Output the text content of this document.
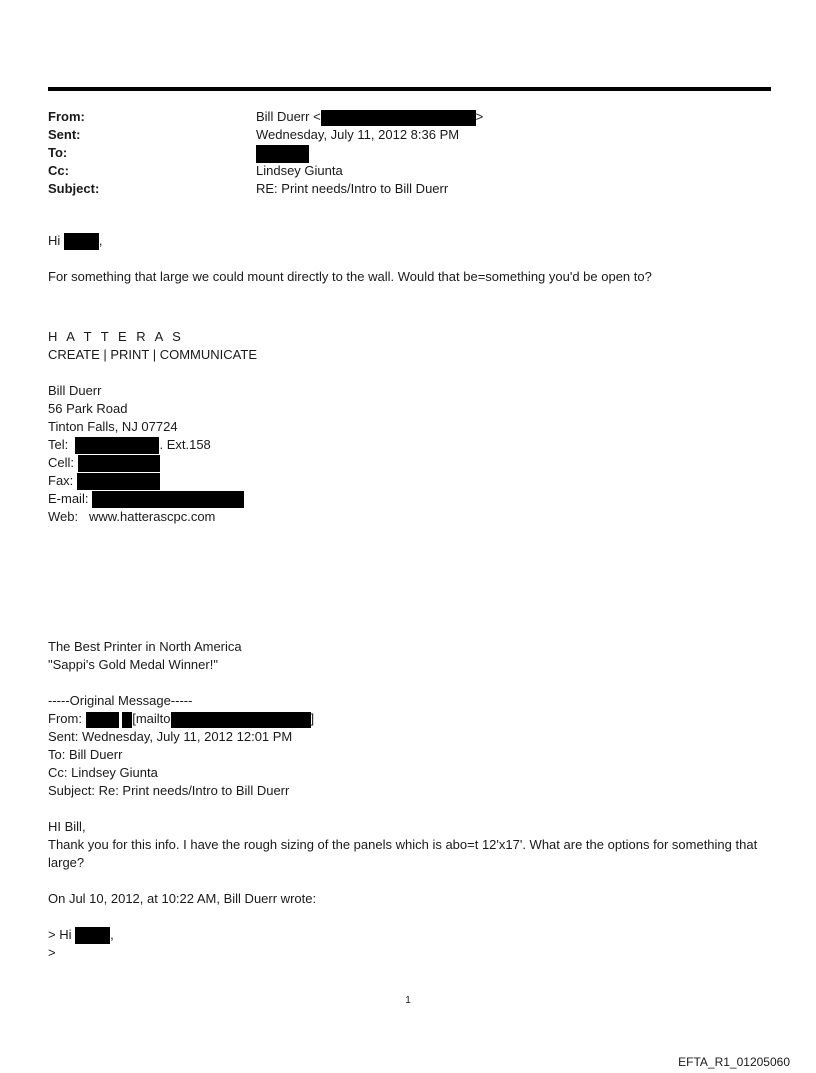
From:	Bill Duerr <	>
Sent:	Wednesday, July 11, 2012 8:36 PM
To:
Cc:	Lindsey Giunta
Subject:	RE: Print needs/Intro to Bill Duerr
Hi	,
For something that large we could mount directly to the wall. Would that be=something you'd be open to?
H A T T E R A S
CREATE | PRINT | COMMUNICATE
Bill Duerr
56 Park Road
Tinton Falls, NJ 07724
Tel:	. Ext.158
Cell:
Fax:
E-mail:
Web: www.hatterascpc.com
The Best Printer in North America
"Sappi's Gold Medal Winner!"
-----Original Message-----
From:	[mailto	]
Sent: Wednesday, July 11, 2012 12:01 PM
To: Bill Duerr
Cc: Lindsey Giunta
Subject: Re: Print needs/Intro to Bill Duerr
HI Bill,
Thank you for this info. I have the rough sizing of the panels which is abo=t 12'x17'. What are the options for something that large?
On Jul 10, 2012, at 10:22 AM, Bill Duerr wrote:
> Hi	,
>
1
EFTA_R1_01205060
